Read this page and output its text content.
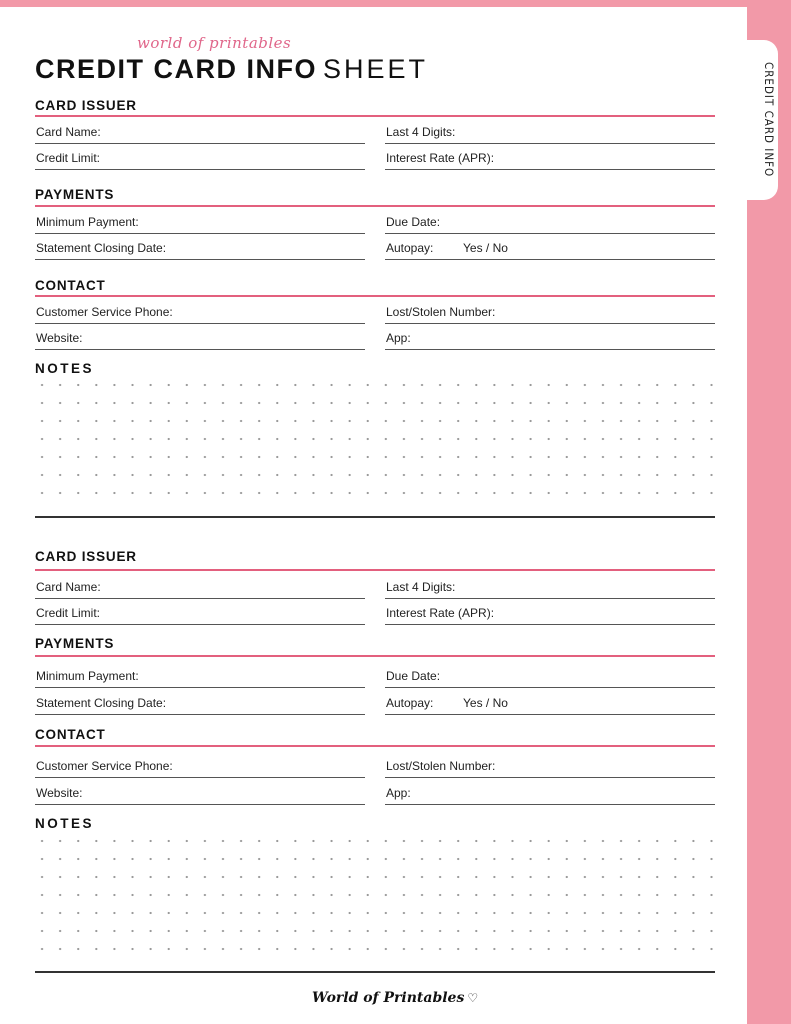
CREDIT CARD INFO
world of printables
CREDIT CARD INFO SHEET
CARD ISSUER
Card Name:	Last 4 Digits:
Credit Limit:	Interest Rate (APR):
PAYMENTS
Minimum Payment:	Due Date:
Statement Closing Date:	Autopay: Yes / No
CONTACT
Customer Service Phone:	Lost/Stolen Number:
Website:	App:
NOTES
CARD ISSUER
Card Name:	Last 4 Digits:
Credit Limit:	Interest Rate (APR):
PAYMENTS
Minimum Payment:	Due Date:
Statement Closing Date:	Autopay: Yes / No
CONTACT
Customer Service Phone:	Lost/Stolen Number:
Website:	App:
NOTES
World of Printables ♡
